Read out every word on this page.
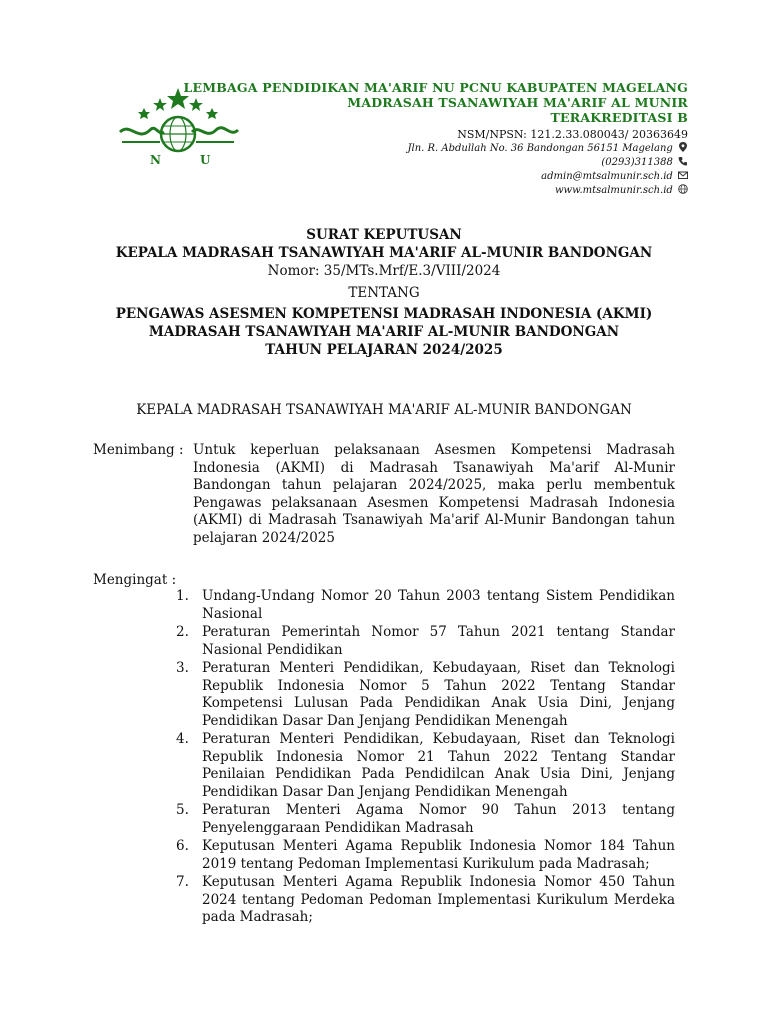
N	U
LEMBAGA PENDIDIKAN MA'ARIF NU PCNU KABUPATEN MAGELANG
MADRASAH TSANAWIYAH MA'ARIF AL MUNIR
TERAKREDITASI B
NSM/NPSN: 121.2.33.080043/ 20363649
Jln. R. Abdullah No. 36 Bandongan 56151 Magelang
(0293)311388
admin@mtsalmunir.sch.id
www.mtsalmunir.sch.id
SURAT KEPUTUSAN
KEPALA MADRASAH TSANAWIYAH MA'ARIF AL-MUNIR BANDONGAN
Nomor: 35/MTs.Mrf/E.3/VIII/2024
TENTANG
PENGAWAS ASESMEN KOMPETENSI MADRASAH INDONESIA (AKMI)
MADRASAH TSANAWIYAH MA'ARIF AL-MUNIR BANDONGAN
TAHUN PELAJARAN 2024/2025
KEPALA MADRASAH TSANAWIYAH MA'ARIF AL-MUNIR BANDONGAN
Menimbang : Untuk keperluan pelaksanaan Asesmen Kompetensi Madrasah Indonesia (AKMI) di Madrasah Tsanawiyah Ma'arif Al-Munir Bandongan tahun pelajaran 2024/2025, maka perlu membentuk Pengawas pelaksanaan Asesmen Kompetensi Madrasah Indonesia (AKMI) di Madrasah Tsanawiyah Ma'arif Al-Munir Bandongan tahun pelajaran 2024/2025
Mengingat :
1. Undang-Undang Nomor 20 Tahun 2003 tentang Sistem Pendidikan Nasional
2. Peraturan Pemerintah Nomor 57 Tahun 2021 tentang Standar Nasional Pendidikan
3. Peraturan Menteri Pendidikan, Kebudayaan, Riset dan Teknologi Republik Indonesia Nomor 5 Tahun 2022 Tentang Standar Kompetensi Lulusan Pada Pendidikan Anak Usia Dini, Jenjang Pendidikan Dasar Dan Jenjang Pendidikan Menengah
4. Peraturan Menteri Pendidikan, Kebudayaan, Riset dan Teknologi Republik Indonesia Nomor 21 Tahun 2022 Tentang Standar Penilaian Pendidikan Pada Pendidilcan Anak Usia Dini, Jenjang Pendidikan Dasar Dan Jenjang Pendidikan Menengah
5. Peraturan Menteri Agama Nomor 90 Tahun 2013 tentang Penyelenggaraan Pendidikan Madrasah
6. Keputusan Menteri Agama Republik Indonesia Nomor 184 Tahun 2019 tentang Pedoman Implementasi Kurikulum pada Madrasah;
7. Keputusan Menteri Agama Republik Indonesia Nomor 450 Tahun 2024 tentang Pedoman Pedoman Implementasi Kurikulum Merdeka pada Madrasah;
